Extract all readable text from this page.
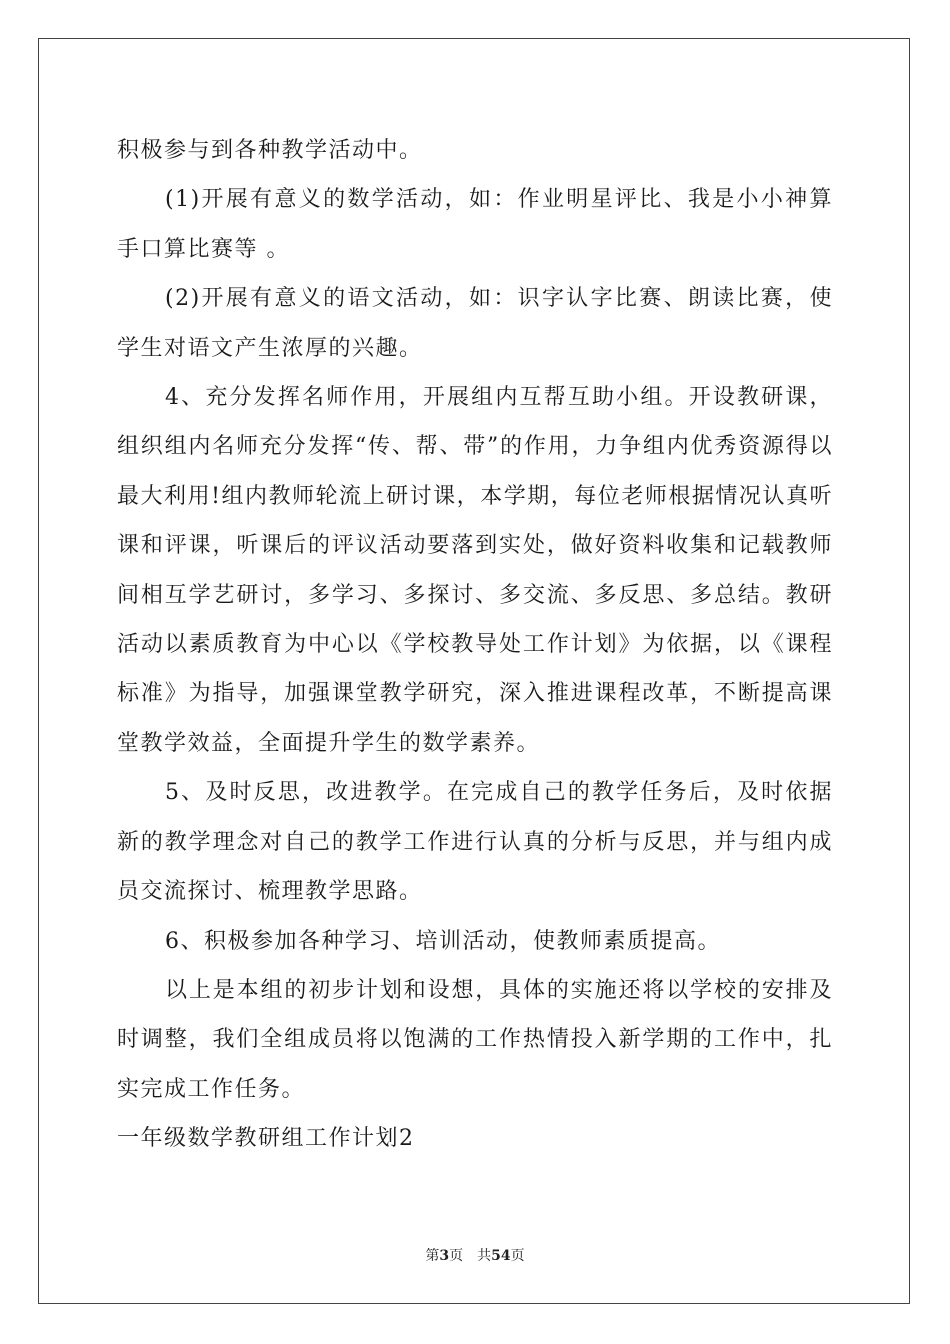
积极参与到各种教学活动中。

(1)开展有意义的数学活动，如：作业明星评比、我是小小神算手口算比赛等 。

(2)开展有意义的语文活动，如：识字认字比赛、朗读比赛，使学生对语文产生浓厚的兴趣。

4、充分发挥名师作用，开展组内互帮互助小组。开设教研课，组织组内名师充分发挥“传、帮、带”的作用，力争组内优秀资源得以最大利用!组内教师轮流上研讨课，本学期，每位老师根据情况认真听课和评课，听课后的评议活动要落到实处，做好资料收集和记载教师间相互学艺研讨，多学习、多探讨、多交流、多反思、多总结。教研活动以素质教育为中心以《学校教导处工作计划》为依据，以《课程标准》为指导，加强课堂教学研究，深入推进课程改革，不断提高课堂教学效益，全面提升学生的数学素养。

5、及时反思，改进教学。在完成自己的教学任务后，及时依据新的教学理念对自己的教学工作进行认真的分析与反思，并与组内成员交流探讨、梳理教学思路。

6、积极参加各种学习、培训活动，使教师素质提高。

以上是本组的初步计划和设想，具体的实施还将以学校的安排及时调整，我们全组成员将以饱满的工作热情投入新学期的工作中，扎实完成工作任务。

一年级数学教研组工作计划2

第3页 共54页
